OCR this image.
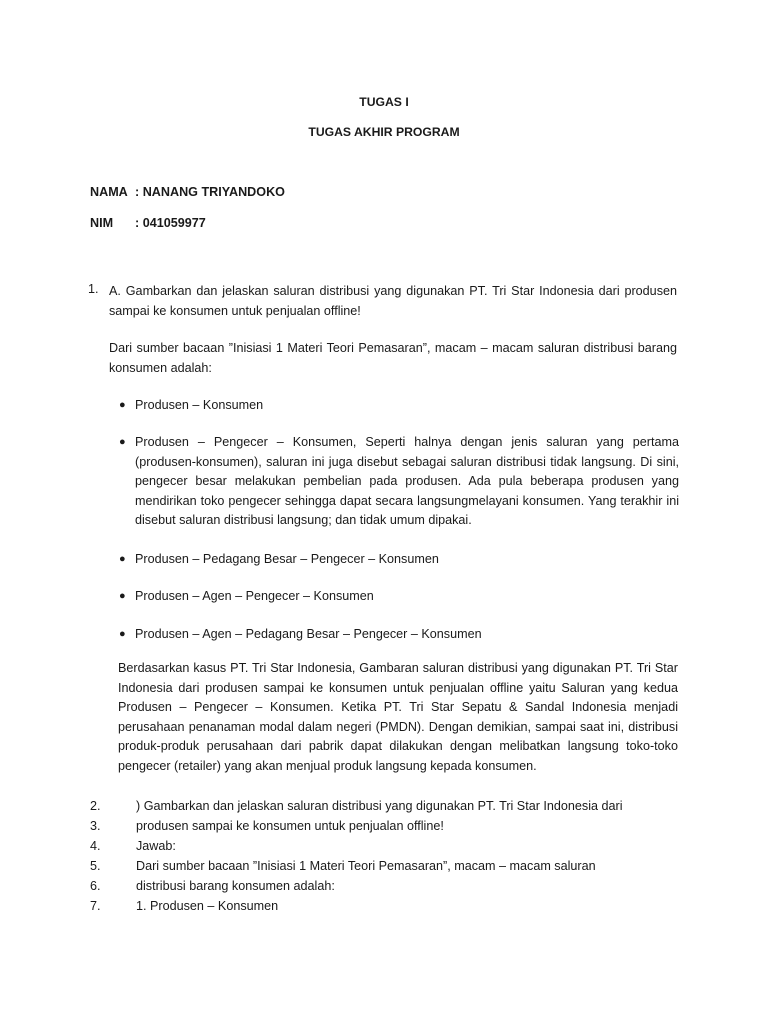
TUGAS I
TUGAS AKHIR PROGRAM
NAMA : NANANG TRIYANDOKO
NIM : 041059977
1. A. Gambarkan dan jelaskan saluran distribusi yang digunakan PT. Tri Star Indonesia dari produsen sampai ke konsumen untuk penjualan offline!
Dari sumber bacaan ”Inisiasi 1 Materi Teori Pemasaran”, macam – macam saluran distribusi barang konsumen adalah:
● Produsen – Konsumen
● Produsen – Pengecer – Konsumen, Seperti halnya dengan jenis saluran yang pertama (produsen-konsumen), saluran ini juga disebut sebagai saluran distribusi tidak langsung. Di sini, pengecer besar melakukan pembelian pada produsen. Ada pula beberapa produsen yang mendirikan toko pengecer sehingga dapat secara langsungmelayani konsumen. Yang terakhir ini disebut saluran distribusi langsung; dan tidak umum dipakai.
● Produsen – Pedagang Besar – Pengecer – Konsumen
● Produsen – Agen – Pengecer – Konsumen
● Produsen – Agen – Pedagang Besar – Pengecer – Konsumen
Berdasarkan kasus PT. Tri Star Indonesia, Gambaran saluran distribusi yang digunakan PT. Tri Star Indonesia dari produsen sampai ke konsumen untuk penjualan offline yaitu Saluran yang kedua Produsen – Pengecer – Konsumen. Ketika PT. Tri Star Sepatu & Sandal Indonesia menjadi perusahaan penanaman modal dalam negeri (PMDN). Dengan demikian, sampai saat ini, distribusi produk-produk perusahaan dari pabrik dapat dilakukan dengan melibatkan langsung toko-toko pengecer (retailer) yang akan menjual produk langsung kepada konsumen.
2.	) Gambarkan dan jelaskan saluran distribusi yang digunakan PT. Tri Star Indonesia dari
3.	produsen sampai ke konsumen untuk penjualan offline!
4.	Jawab:
5.	Dari sumber bacaan ”Inisiasi 1 Materi Teori Pemasaran”, macam – macam saluran
6.	distribusi barang konsumen adalah:
7.	1. Produsen – Konsumen
